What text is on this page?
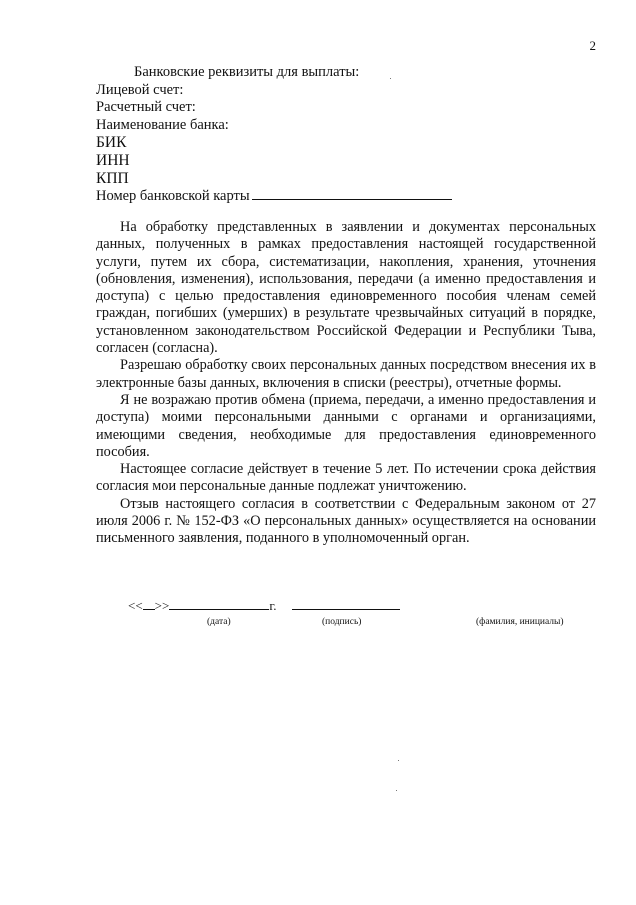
2
Банковские реквизиты для выплаты:
Лицевой счет:
Расчетный счет:
Наименование банка:
БИК
ИНН
КПП
Номер банковской карты

На обработку представленных в заявлении и документах персональных данных, полученных в рамках предоставления настоящей государственной услуги, путем их сбора, систематизации, накопления, хранения, уточнения (обновления, изменения), использования, передачи (а именно предоставления и доступа) с целью предоставления единовременного пособия членам семей граждан, погибших (умерших) в результате чрезвычайных ситуаций в порядке, установленном законодательством Российской Федерации и Республики Тыва, согласен (согласна).

Разрешаю обработку своих персональных данных посредством внесения их в электронные базы данных, включения в списки (реестры), отчетные формы.

Я не возражаю против обмена (приема, передачи, а именно предоставления и доступа) моими персональными данными с органами и организациями, имеющими сведения, необходимые для предоставления единовременного пособия.

Настоящее согласие действует в течение 5 лет. По истечении срока действия согласия мои персональные данные подлежат уничтожению.

Отзыв настоящего согласия в соответствии с Федеральным законом от 27 июля 2006 г. № 152-ФЗ «О персональных данных» осуществляется на основании письменного заявления, поданного в уполномоченный орган.

<< >>	г.
(дата)	(подпись)	(фамилия, инициалы)
